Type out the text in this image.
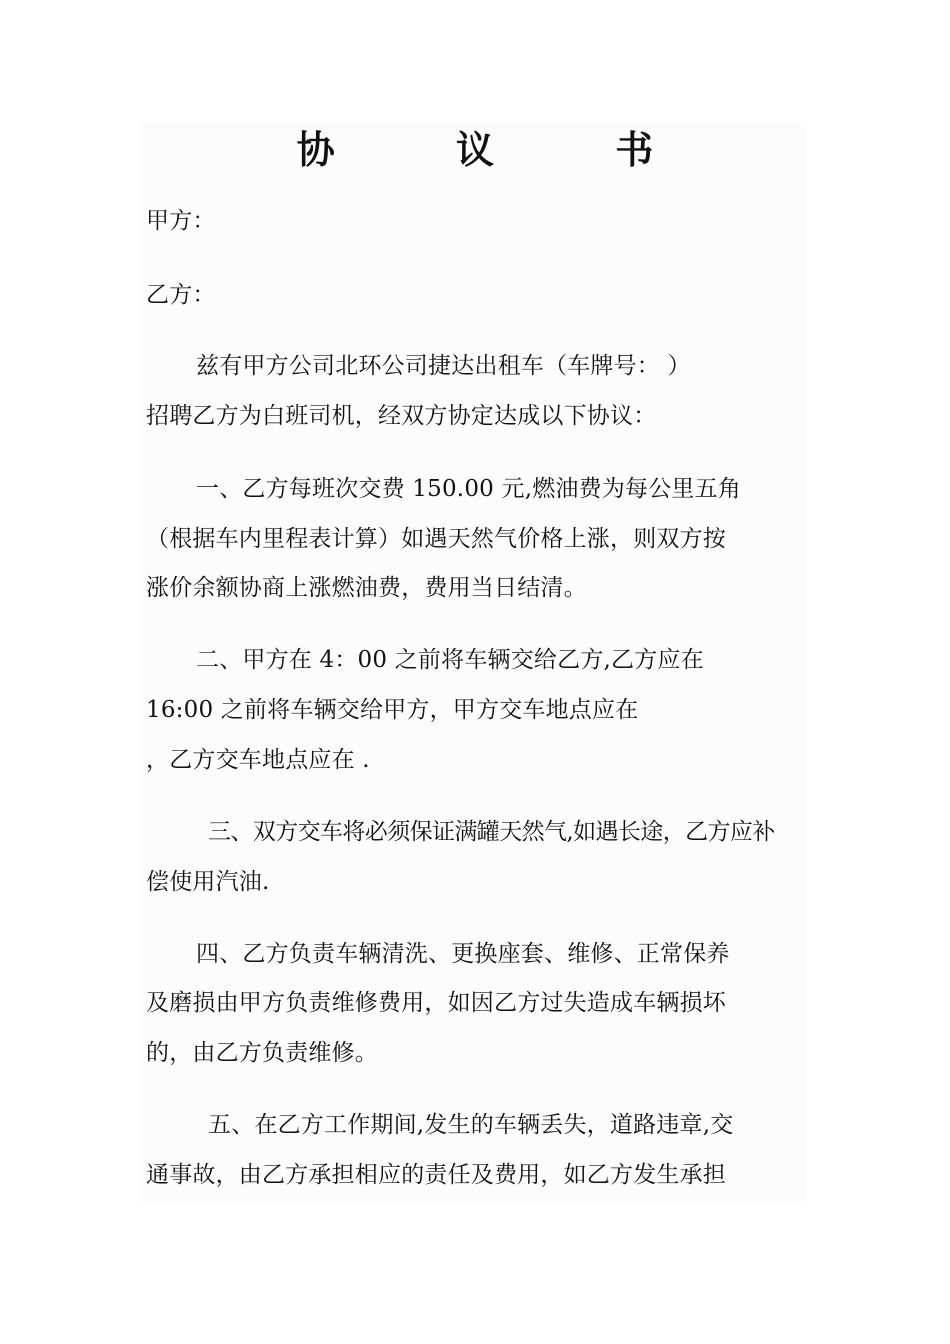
协 议 书
甲方：
乙方：
兹有甲方公司北环公司捷达出租车（车牌号： ）
招聘乙方为白班司机，经双方协定达成以下协议：
一、乙方每班次交费 150.00 元,燃油费为每公里五角
（根据车内里程表计算）如遇天然气价格上涨，则双方按
涨价余额协商上涨燃油费，费用当日结清。
二、甲方在 4：00 之前将车辆交给乙方,乙方应在
16:00 之前将车辆交给甲方，甲方交车地点应在
，乙方交车地点应在 .
三、双方交车将必须保证满罐天然气,如遇长途，乙方应补
偿使用汽油.
四、乙方负责车辆清洗、更换座套、维修、正常保养
及磨损由甲方负责维修费用，如因乙方过失造成车辆损坏
的，由乙方负责维修。
五、在乙方工作期间,发生的车辆丢失，道路违章,交
通事故，由乙方承担相应的责任及费用，如乙方发生承担
